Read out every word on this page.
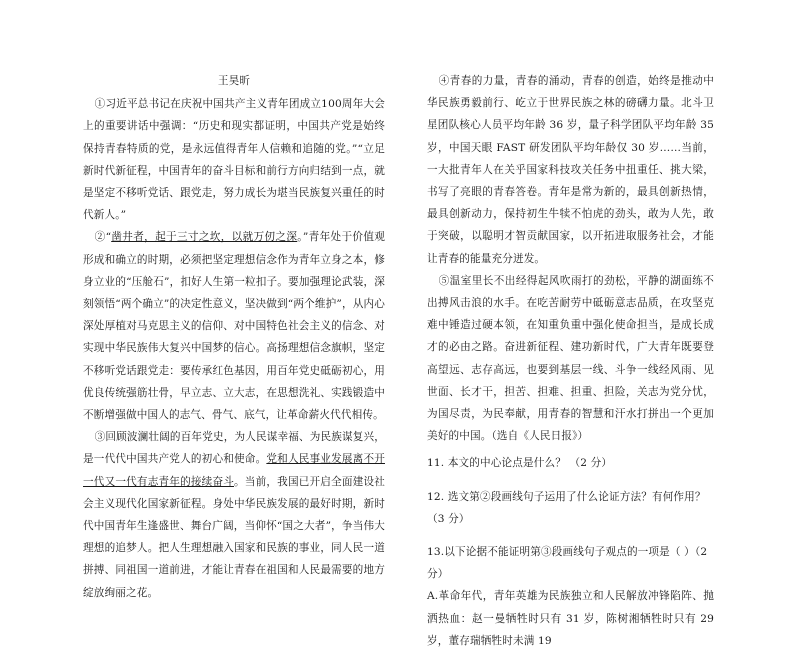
王昊昕

①习近平总书记在庆祝中国共产主义青年团成立100周年大会上的重要讲话中强调：“历史和现实都证明，中国共产党是始终保持青春特质的党，是永远值得青年人信赖和追随的党。”“立足新时代新征程，中国青年的奋斗目标和前行方向归结到一点，就是坚定不移听党话、跟党走，努力成长为堪当民族复兴重任的时代新人。”

②“凿井者，起于三寸之坎，以就万仞之深。”青年处于价值观形成和确立的时期，必须把坚定理想信念作为青年立身之本，修身立业的“压舱石”，扣好人生第一粒扣子。要加强理论武装，深刻领悟“两个确立”的决定性意义，坚决做到“两个维护”，从内心深处厚植对马克思主义的信仰、对中国特色社会主义的信念、对实现中华民族伟大复兴中国梦的信心。高扬理想信念旗帜，坚定不移听党话跟党走：要传承红色基因，用百年党史砥砺初心，用优良传统强筋壮骨，早立志、立大志，在思想洗礼、实践锻造中不断增强做中国人的志气、骨气、底气，让革命薪火代代相传。

③回顾波澜壮阔的百年党史，为人民谋幸福、为民族谋复兴，是一代代中国共产党人的初心和使命。党和人民事业发展离不开一代又一代有志青年的接续奋斗。当前，我国已开启全面建设社会主义现代化国家新征程。身处中华民族发展的最好时期，新时代中国青年生逢盛世、舞台广阔，当仰怀“国之大者”，争当伟大理想的追梦人。把人生理想融入国家和民族的事业，同人民一道拼搏、同祖国一道前进，才能让青春在祖国和人民最需要的地方绽放绚丽之花。

④青春的力量，青春的涌动，青春的创造，始终是推动中华民族勇毅前行、屹立于世界民族之林的磅礴力量。北斗卫星团队核心人员平均年龄 36 岁，量子科学团队平均年龄 35 岁，中国天眼 FAST 研发团队平均年龄仅 30 岁……当前，一大批青年人在关乎国家科技攻关任务中扭重任、挑大梁，书写了亮眼的青春答卷。青年是常为新的，最具创新热情，最具创新动力，保持初生牛犊不怕虎的劲头，敢为人先，敢于突破，以聪明才智贡献国家，以开拓进取服务社会，才能让青春的能量充分迸发。

⑤温室里长不出经得起风吹雨打的劲松，平静的湖面练不出搏风击浪的水手。在吃苦耐劳中砥砺意志品质，在攻坚克难中锤造过硬本领，在知重负重中强化使命担当，是成长成才的必由之路。奋进新征程、建功新时代，广大青年既要登高望远、志存高远，也要到基层一线、斗争一线经风雨、见世面、长才干，担苦、担难、担重、担险，关志为党分忧，为国尽责，为民奉献，用青春的智慧和汗水打拼出一个更加美好的中国。（选自《人民日报》）

11. 本文的中心论点是什么？ （2 分）

12. 选文第②段画线句子运用了什么论证方法？有何作用？ （3 分）

13.以下论据不能证明第③段画线句子观点的一项是（ ）（2 分）

A.革命年代，青年英雄为民族独立和人民解放冲锋陷阵、抛洒热血：赵一曼牺牲时只有 31 岁，陈树湘牺牲时只有 29 岁，董存瑞牺牲时未满 19
